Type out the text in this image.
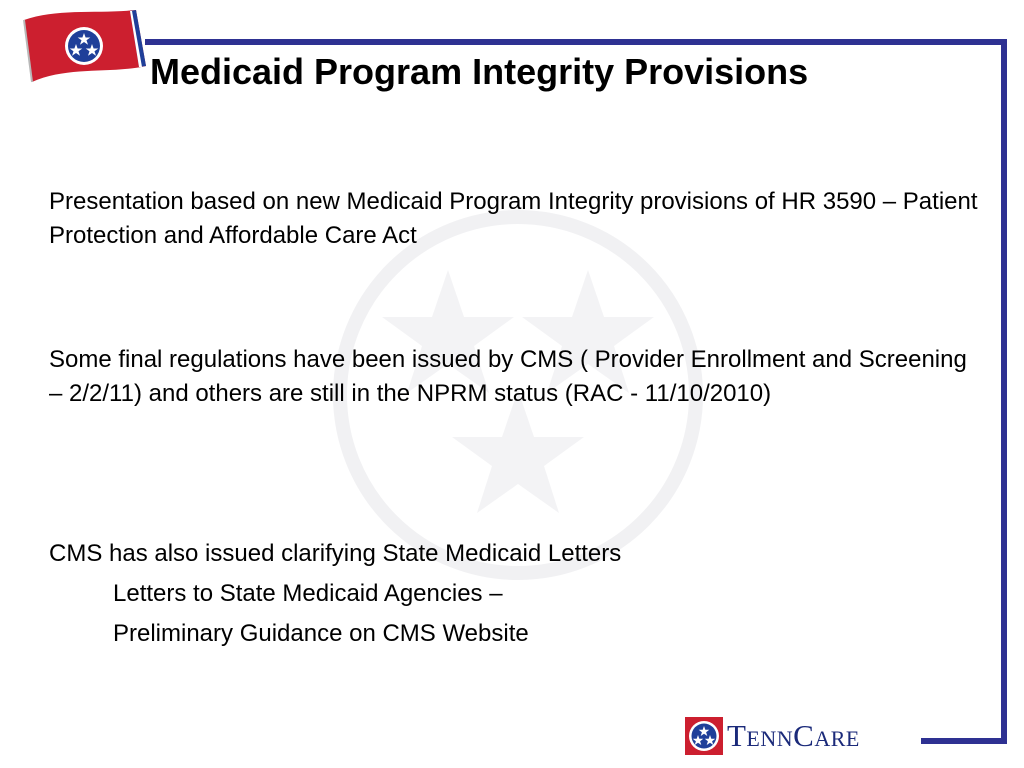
Medicaid Program Integrity Provisions

Presentation based on new Medicaid Program Integrity provisions of HR 3590 – Patient Protection and Affordable Care Act

Some final regulations have been issued by CMS ( Provider Enrollment and Screening – 2/2/11) and others are still in the NPRM status (RAC - 11/10/2010)

CMS has also issued clarifying State Medicaid Letters
Letters to State Medicaid Agencies –
Preliminary Guidance on CMS Website
TennCare
